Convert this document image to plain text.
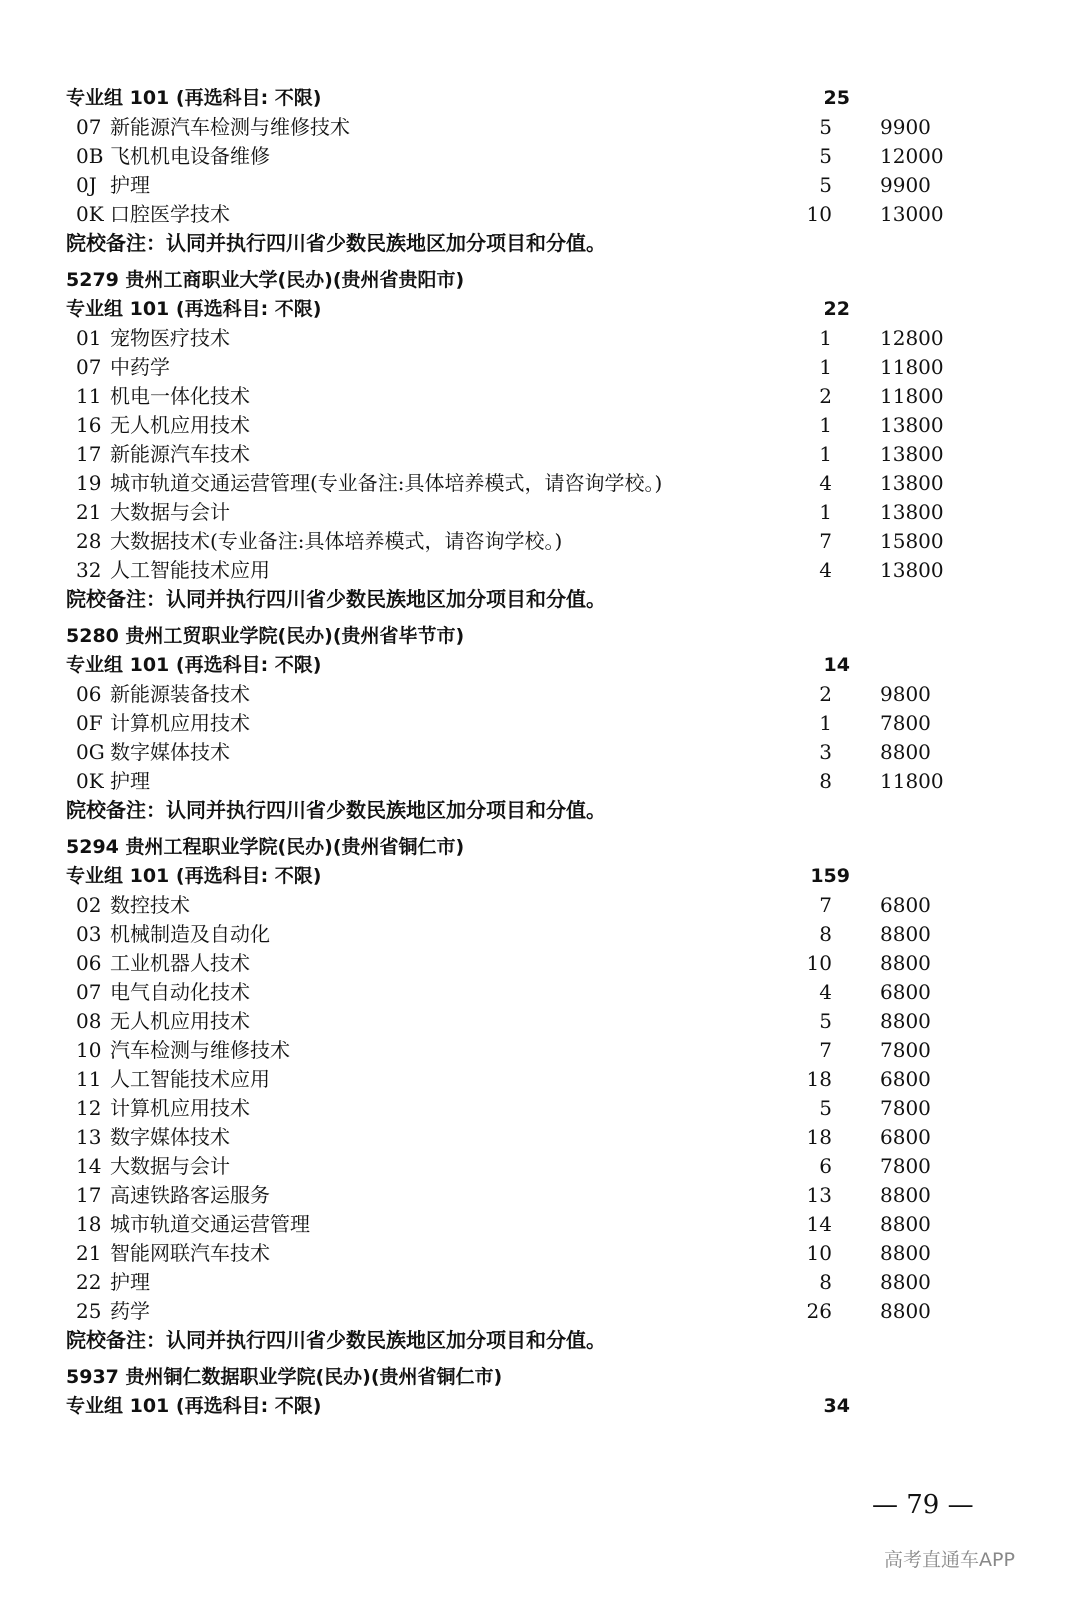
专业组 101 (再选科目: 不限)	25
07 新能源汽车检测与维修技术	5 9900
0B 飞机机电设备维修	5 12000
0J 护理	5 9900
0K 口腔医学技术	10 13000
院校备注：认同并执行四川省少数民族地区加分项目和分值。
5279 贵州工商职业大学(民办)(贵州省贵阳市)
专业组 101 (再选科目: 不限)	22
01 宠物医疗技术	1 12800
07 中药学	1 11800
11 机电一体化技术	2 11800
16 无人机应用技术	1 13800
17 新能源汽车技术	1 13800
19 城市轨道交通运营管理(专业备注:具体培养模式，请咨询学校。)	4 13800
21 大数据与会计	1 13800
28 大数据技术(专业备注:具体培养模式，请咨询学校。)	7 15800
32 人工智能技术应用	4 13800
院校备注：认同并执行四川省少数民族地区加分项目和分值。
5280 贵州工贸职业学院(民办)(贵州省毕节市)
专业组 101 (再选科目: 不限)	14
06 新能源装备技术	2 9800
0F 计算机应用技术	1 7800
0G 数字媒体技术	3 8800
0K 护理	8 11800
院校备注：认同并执行四川省少数民族地区加分项目和分值。
5294 贵州工程职业学院(民办)(贵州省铜仁市)
专业组 101 (再选科目: 不限)	159
02 数控技术	7 6800
03 机械制造及自动化	8 8800
06 工业机器人技术	10 8800
07 电气自动化技术	4 6800
08 无人机应用技术	5 8800
10 汽车检测与维修技术	7 7800
11 人工智能技术应用	18 6800
12 计算机应用技术	5 7800
13 数字媒体技术	18 6800
14 大数据与会计	6 7800
17 高速铁路客运服务	13 8800
18 城市轨道交通运营管理	14 8800
21 智能网联汽车技术	10 8800
22 护理	8 8800
25 药学	26 8800
院校备注：认同并执行四川省少数民族地区加分项目和分值。
5937 贵州铜仁数据职业学院(民办)(贵州省铜仁市)
专业组 101 (再选科目: 不限)	34
— 79 —
高考直通车APP
